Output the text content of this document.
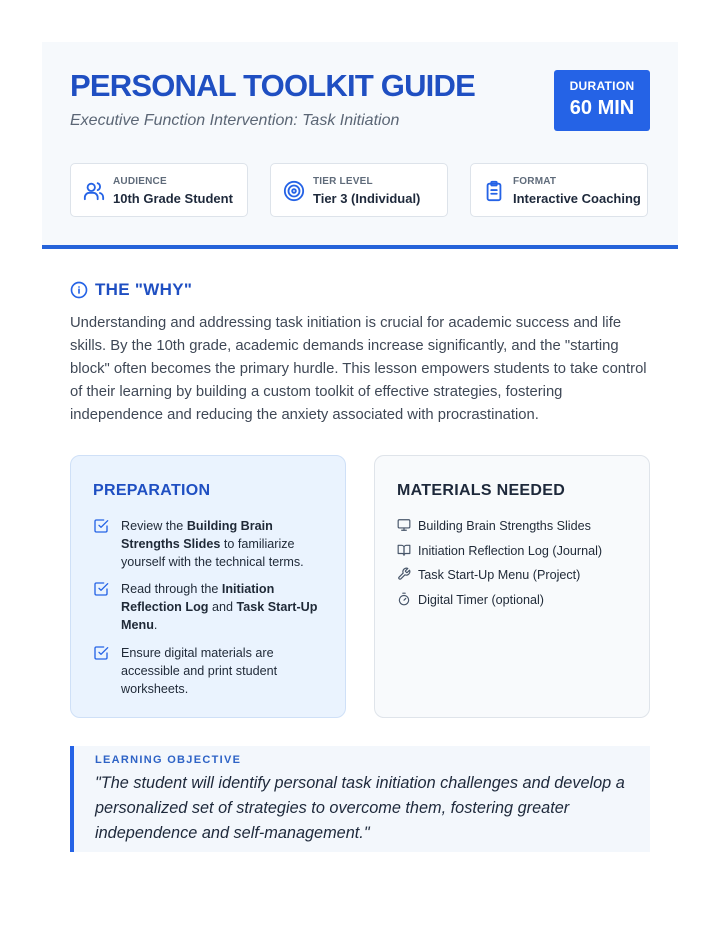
PERSONAL TOOLKIT GUIDE
Executive Function Intervention: Task Initiation
DURATION
60 MIN
AUDIENCE
10th Grade Student
TIER LEVEL
Tier 3 (Individual)
FORMAT
Interactive Coaching
THE "WHY"
Understanding and addressing task initiation is crucial for academic success and life skills. By the 10th grade, academic demands increase significantly, and the "starting block" often becomes the primary hurdle. This lesson empowers students to take control of their learning by building a custom toolkit of effective strategies, fostering independence and reducing the anxiety associated with procrastination.
PREPARATION
Review the Building Brain Strengths Slides to familiarize yourself with the technical terms.
Read through the Initiation Reflection Log and Task Start-Up Menu.
Ensure digital materials are accessible and print student worksheets.
MATERIALS NEEDED
Building Brain Strengths Slides
Initiation Reflection Log (Journal)
Task Start-Up Menu (Project)
Digital Timer (optional)
LEARNING OBJECTIVE
"The student will identify personal task initiation challenges and develop a personalized set of strategies to overcome them, fostering greater independence and self-management."
